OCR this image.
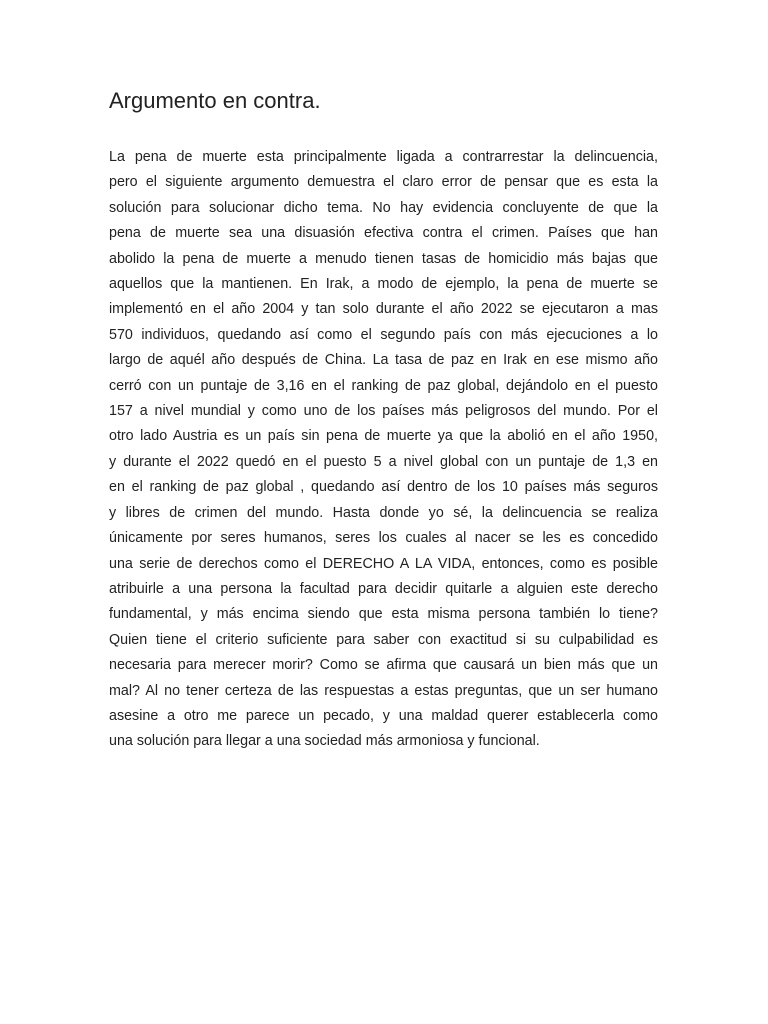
Argumento en contra.
La pena de muerte esta principalmente ligada a contrarrestar la delincuencia,
pero el siguiente argumento demuestra el claro error de pensar que es esta la
solución para solucionar dicho tema. No hay evidencia concluyente de que la
pena de muerte sea una disuasión efectiva contra el crimen. Países que han
abolido la pena de muerte a menudo tienen tasas de homicidio más bajas que
aquellos que la mantienen. En Irak, a modo de ejemplo, la pena de muerte se
implementó en el año 2004 y tan solo durante el año 2022 se ejecutaron a mas
570 individuos, quedando así como el segundo país con más ejecuciones a lo
largo de aquél año después de China. La tasa de paz en Irak en ese mismo año
cerró con un puntaje de 3,16 en el ranking de paz global, dejándolo en el puesto
157 a nivel mundial y como uno de los países más peligrosos del mundo. Por el
otro lado Austria es un país sin pena de muerte ya que la abolió en el año 1950,
y durante el 2022 quedó en el puesto 5 a nivel global con un puntaje de 1,3 en
en el ranking de paz global , quedando así dentro de los 10 países más seguros
y libres de crimen del mundo. Hasta donde yo sé, la delincuencia se realiza
únicamente por seres humanos, seres los cuales al nacer se les es concedido
una serie de derechos como el DERECHO A LA VIDA, entonces, como es posible
atribuirle a una persona la facultad para decidir quitarle a alguien este derecho
fundamental, y más encima siendo que esta misma persona también lo tiene?
Quien tiene el criterio suficiente para saber con exactitud si su culpabilidad es
necesaria para merecer morir? Como se afirma que causará un bien más que un
mal? Al no tener certeza de las respuestas a estas preguntas, que un ser humano
asesine a otro me parece un pecado, y una maldad querer establecerla como
una solución para llegar a una sociedad más armoniosa y funcional.
